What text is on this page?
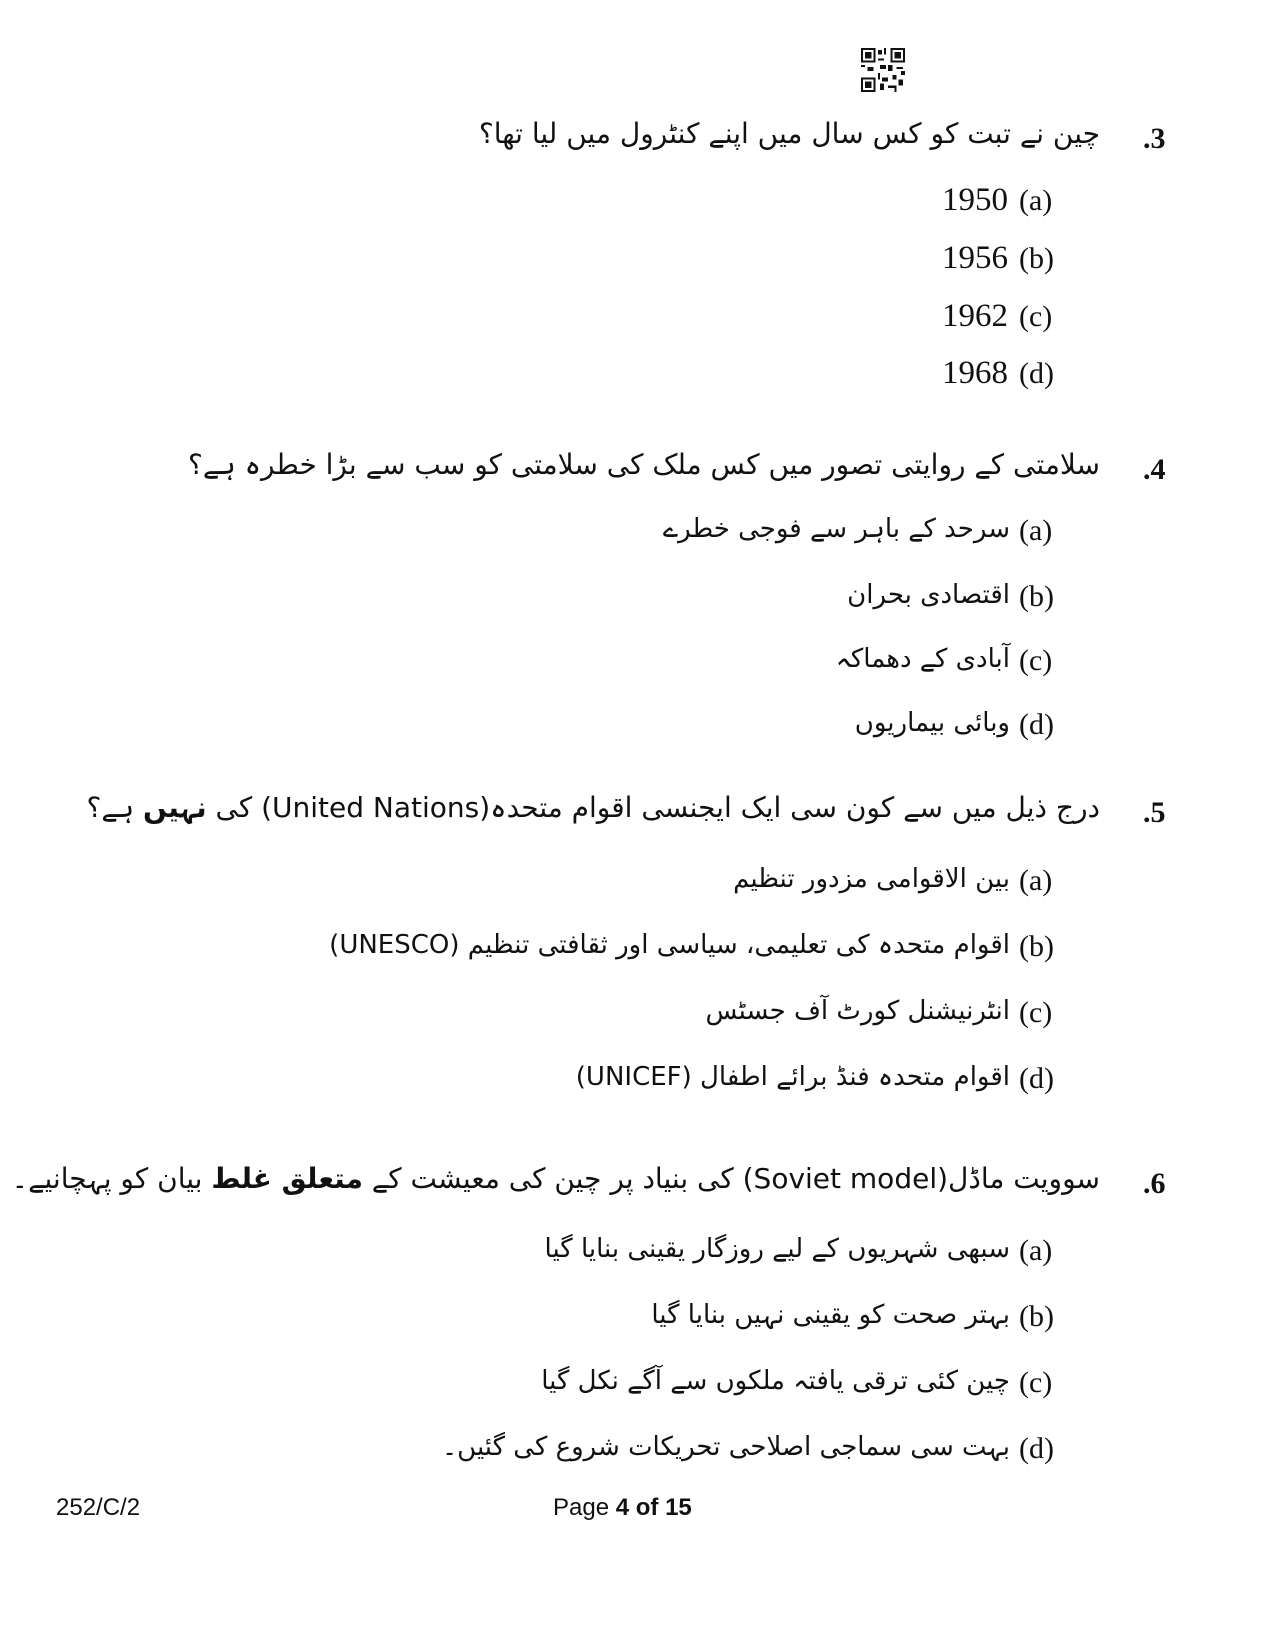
.3
چین نے تبت کو کس سال میں اپنے کنٹرول میں لیا تھا؟
(a)
1950
(b)
1956
(c)
1962
(d)
1968
.4
سلامتی کے روایتی تصور میں کس ملک کی سلامتی کو سب سے بڑا خطرہ ہے؟
(a)
سرحد کے باہر سے فوجی خطرے
(b)
اقتصادی بحران
(c)
آبادی کے دھماکہ
(d)
وبائی بیماریوں
.5
درج ذیل میں سے کون سی ایک ایجنسی اقوام متحدہ(United Nations) کی نہیں ہے؟
(a)
بین الاقوامی مزدور تنظیم
(b)
اقوام متحدہ کی تعلیمی، سیاسی اور ثقافتی تنظیم (UNESCO)
(c)
انٹرنیشنل کورٹ آف جسٹس
(d)
اقوام متحدہ فنڈ برائے اطفال (UNICEF)
.6
سوویت ماڈل(Soviet model) کی بنیاد پر چین کی معیشت کے متعلق غلط بیان کو پہچانیے۔
(a)
سبھی شہریوں کے لیے روزگار یقینی بنایا گیا
(b)
بہتر صحت کو یقینی نہیں بنایا گیا
(c)
چین کئی ترقی یافتہ ملکوں سے آگے نکل گیا
(d)
بہت سی سماجی اصلاحی تحریکات شروع کی گئیں۔
252/C/2	Page 4 of 15
